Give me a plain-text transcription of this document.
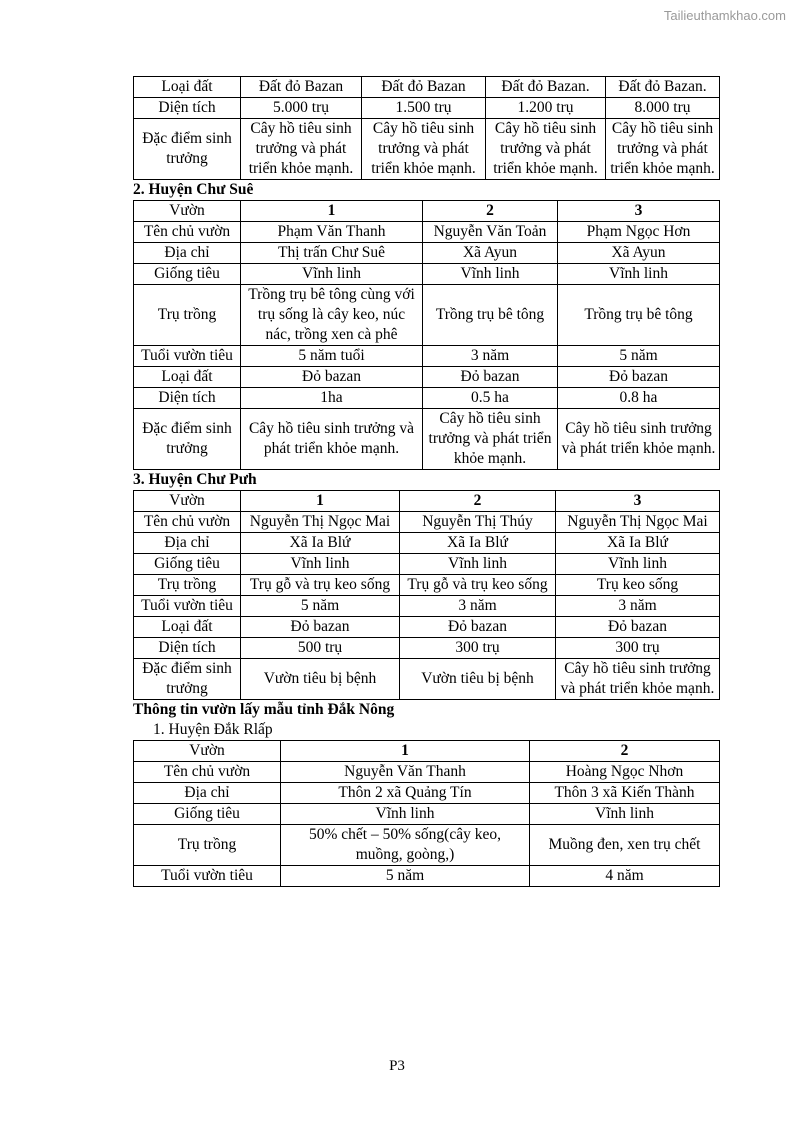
Tailieuthamkhao.com
Loại đất	Đất đỏ Bazan	Đất đỏ Bazan	Đất đỏ Bazan.	Đất đỏ Bazan.
Diện tích	5.000 trụ	1.500 trụ	1.200 trụ	8.000 trụ
Đặc điểm sinh trưởng	Cây hồ tiêu sinh trưởng và phát triển khỏe mạnh.	Cây hồ tiêu sinh trưởng và phát triển khỏe mạnh.	Cây hồ tiêu sinh trưởng và phát triển khỏe mạnh.	Cây hồ tiêu sinh trưởng và phát triển khỏe mạnh.

2. Huyện Chư Suê

Vườn	1	2	3
Tên chủ vườn	Phạm Văn Thanh	Nguyễn Văn Toản	Phạm Ngọc Hơn
Địa chỉ	Thị trấn Chư Suê	Xã Ayun	Xã Ayun
Giống tiêu	Vĩnh linh	Vĩnh linh	Vĩnh linh
Trụ trồng	Trồng trụ bê tông cùng với trụ sống là cây keo, núc nác, trồng xen cà phê	Trồng trụ bê tông	Trồng trụ bê tông
Tuổi vườn tiêu	5 năm tuổi	3 năm	5 năm
Loại đất	Đỏ bazan	Đỏ bazan	Đỏ bazan
Diện tích	1ha	0.5 ha	0.8 ha
Đặc điểm sinh trưởng	Cây hồ tiêu sinh trưởng và phát triển khỏe mạnh.	Cây hồ tiêu sinh trưởng và phát triển khỏe mạnh.	Cây hồ tiêu sinh trưởng và phát triển khỏe mạnh.

3. Huyện Chư Pưh

Vườn	1	2	3
Tên chủ vườn	Nguyễn Thị Ngọc Mai	Nguyễn Thị Thúy	Nguyễn Thị Ngọc Mai
Địa chỉ	Xã Ia Blứ	Xã Ia Blứ	Xã Ia Blứ
Giống tiêu	Vĩnh linh	Vĩnh linh	Vĩnh linh
Trụ trồng	Trụ gỗ và trụ keo sống	Trụ gỗ và trụ keo sống	Trụ keo sống
Tuổi vườn tiêu	5 năm	3 năm	3 năm
Loại đất	Đỏ bazan	Đỏ bazan	Đỏ bazan
Diện tích	500 trụ	300 trụ	300 trụ
Đặc điểm sinh trưởng	Vườn tiêu bị bệnh	Vườn tiêu bị bệnh	Cây hồ tiêu sinh trưởng và phát triển khỏe mạnh.

Thông tin vườn lấy mẫu tỉnh Đắk Nông

1. Huyện Đắk Rlấp

Vườn	1	2
Tên chủ vườn	Nguyễn Văn Thanh	Hoàng Ngọc Nhơn
Địa chỉ	Thôn 2 xã Quảng Tín	Thôn 3 xã Kiến Thành
Giống tiêu	Vĩnh linh	Vĩnh linh
Trụ trồng	50% chết – 50% sống(cây keo, muồng, goòng,)	Muồng đen, xen trụ chết
Tuổi vườn tiêu	5 năm	4 năm
P3
